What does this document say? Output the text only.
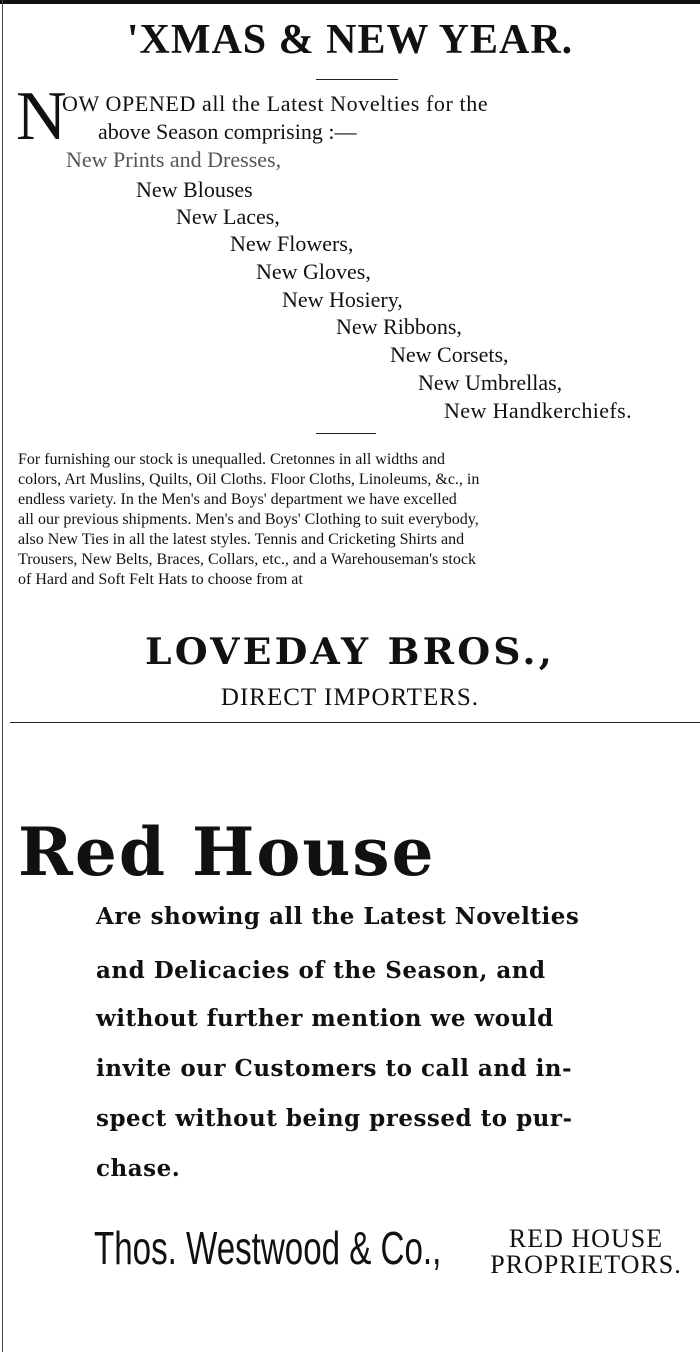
'XMAS & NEW YEAR.
N
OW OPENED all the Latest Novelties for the
above Season comprising :—
New Prints and Dresses,
New Blouses
New Laces,
New Flowers,
New Gloves,
New Hosiery,
New Ribbons,
New Corsets,
New Umbrellas,
New Handkerchiefs.
For furnishing our stock is unequalled. Cretonnes in all widths and
colors, Art Muslins, Quilts, Oil Cloths. Floor Cloths, Linoleums, &c., in
endless variety. In the Men's and Boys' department we have excelled
all our previous shipments. Men's and Boys' Clothing to suit everybody,
also New Ties in all the latest styles. Tennis and Cricketing Shirts and
Trousers, New Belts, Braces, Collars, etc., and a Warehouseman's stock
of Hard and Soft Felt Hats to choose from at
LOVEDAY BROS.,
DIRECT IMPORTERS.
Red House
Are showing all the Latest Novelties
and Delicacies of the Season, and
without further mention we would
invite our Customers to call and in-
spect without being pressed to pur-
chase.
Thos. Westwood & Co.,	RED HOUSE
PROPRIETORS.
